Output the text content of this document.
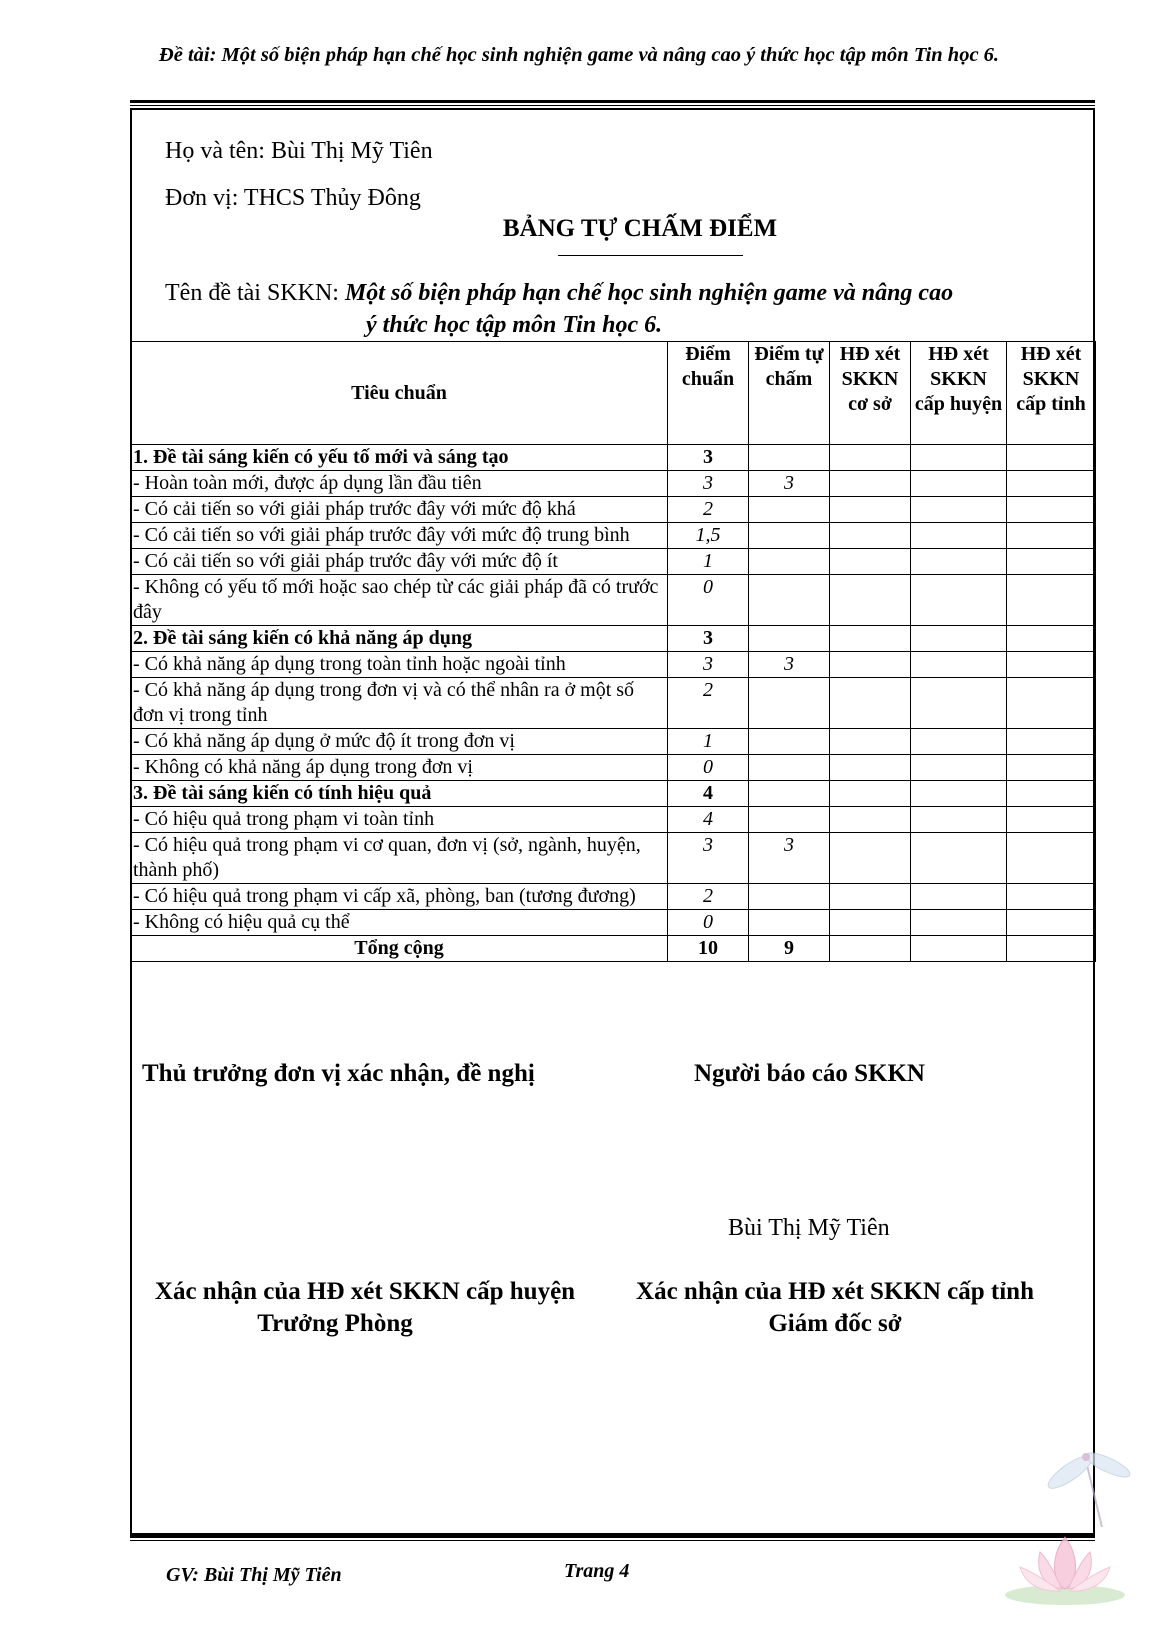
Đề tài: Một số biện pháp hạn chế học sinh nghiện game và nâng cao ý thức học tập môn Tin học 6.
Họ và tên: Bùi Thị Mỹ Tiên
Đơn vị: THCS Thủy Đông
BẢNG TỰ CHẤM ĐIỂM
Tên đề tài SKKN: Một số biện pháp hạn chế học sinh nghiện game và nâng cao
ý thức học tập môn Tin học 6.
Tiêu chuẩn	Điểm chuẩn	Điểm tự chấm	HĐ xét SKKN cơ sở	HĐ xét SKKN cấp huyện	HĐ xét SKKN cấp tỉnh
1. Đề tài sáng kiến có yếu tố mới và sáng tạo	3				
- Hoàn toàn mới, được áp dụng lần đầu tiên	3	3			
- Có cải tiến so với giải pháp trước đây với mức độ khá	2				
- Có cải tiến so với giải pháp trước đây với mức độ trung bình	1,5				
- Có cải tiến so với giải pháp trước đây với mức độ ít	1				
- Không có yếu tố mới hoặc sao chép từ các giải pháp đã có trước đây	0				
2. Đề tài sáng kiến có khả năng áp dụng	3				
- Có khả năng áp dụng trong toàn tỉnh hoặc ngoài tỉnh	3	3			
- Có khả năng áp dụng trong đơn vị và có thể nhân ra ở một số đơn vị trong tỉnh	2				
- Có khả năng áp dụng ở mức độ ít trong đơn vị	1				
- Không có khả năng áp dụng trong đơn vị	0				
3. Đề tài sáng kiến có tính hiệu quả	4				
- Có hiệu quả trong phạm vi toàn tỉnh	4				
- Có hiệu quả trong phạm vi cơ quan, đơn vị (sở, ngành, huyện, thành phố)	3	3			
- Có hiệu quả trong phạm vi cấp xã, phòng, ban (tương đương)	2				
- Không có hiệu quả cụ thể	0				
Tổng cộng	10	9			
Thủ trưởng đơn vị xác nhận, đề nghị	Người báo cáo SKKN
Bùi Thị Mỹ Tiên
Xác nhận của HĐ xét SKKN cấp huyện
Trưởng Phòng
Xác nhận của HĐ xét SKKN cấp tỉnh
Giám đốc sở
GV: Bùi Thị Mỹ Tiên	Trang 4
